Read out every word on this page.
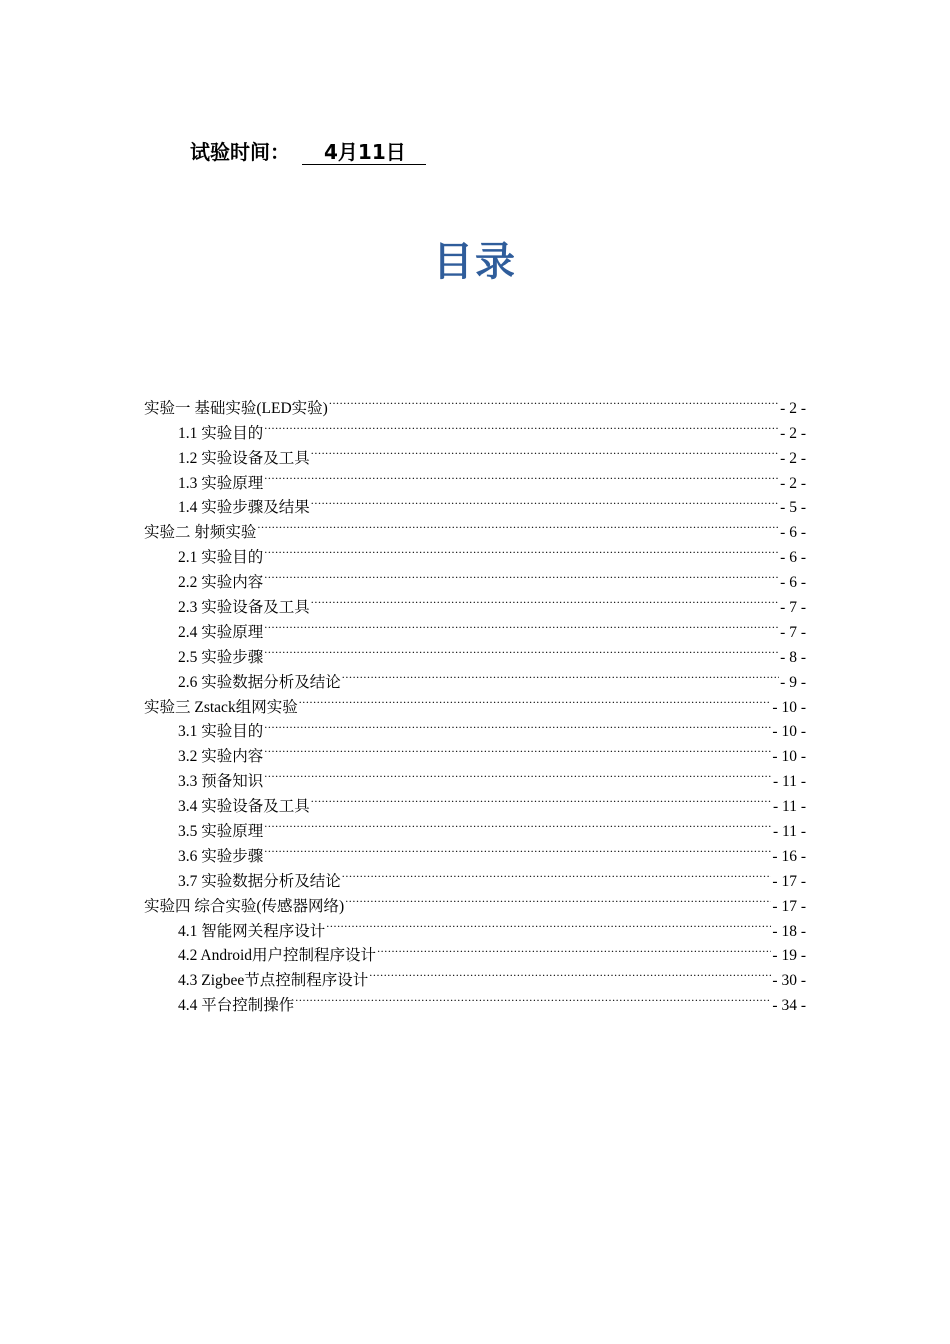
试验时间： 4月11日
目录
实验一 基础实验(LED实验) .....	- 2 -
1.1 实验目的 .....	- 2 -
1.2 实验设备及工具 .....	- 2 -
1.3 实验原理 .....	- 2 -
1.4 实验步骤及结果 .....	- 5 -
实验二 射频实验 .....	- 6 -
2.1 实验目的 .....	- 6 -
2.2 实验内容 .....	- 6 -
2.3 实验设备及工具 .....	- 7 -
2.4 实验原理 .....	- 7 -
2.5 实验步骤 .....	- 8 -
2.6 实验数据分析及结论 .....	- 9 -
实验三 Zstack组网实验 .....	- 10 -
3.1 实验目的 .....	- 10 -
3.2 实验内容 .....	- 10 -
3.3 预备知识 .....	- 11 -
3.4 实验设备及工具 .....	- 11 -
3.5 实验原理 .....	- 11 -
3.6 实验步骤 .....	- 16 -
3.7 实验数据分析及结论 .....	- 17 -
实验四 综合实验(传感器网络) .....	- 17 -
4.1 智能网关程序设计 .....	- 18 -
4.2 Android用户控制程序设计 .....	- 19 -
4.3 Zigbee节点控制程序设计 .....	- 30 -
4.4 平台控制操作 .....	- 34 -
